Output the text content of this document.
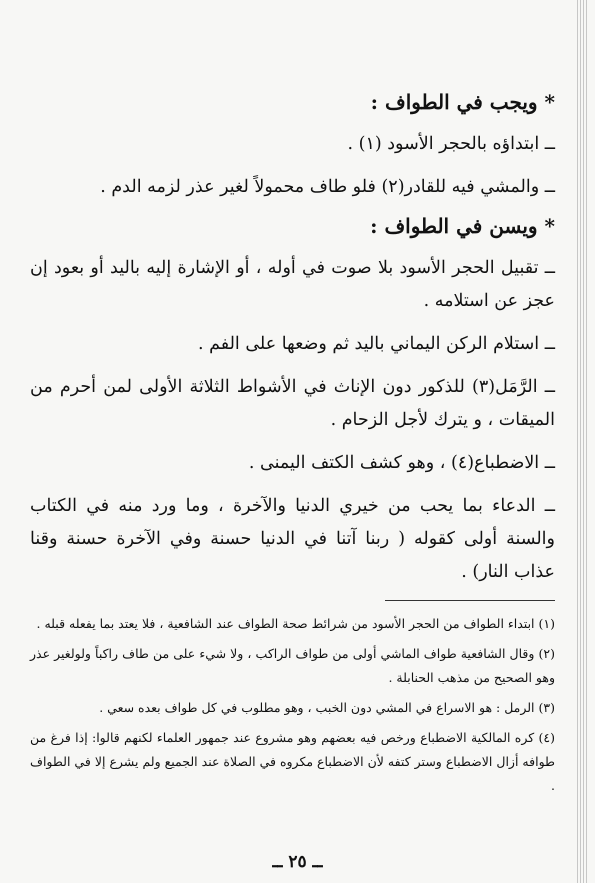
* ويجب في الطواف :

ــ ابتداؤه بالحجر الأسود (١) .

ــ والمشي فيه للقادر(٢) فلو طاف محمولاً لغير عذر لزمه الدم .

* ويسن في الطواف :

ــ تقبيل الحجر الأسود بلا صوت في أوله ، أو الإشارة إليه باليد أو بعود إن عجز عن استلامه .

ــ استلام الركن اليماني باليد ثم وضعها على الفم .

ــ الرَّمَل(٣) للذكور دون الإناث في الأشواط الثلاثة الأولى لمن أحرم من الميقات ، و يترك لأجل الزحام .

ــ الاضطباع(٤) ، وهو كشف الكتف اليمنى .

ــ الدعاء بما يحب من خيري الدنيا والآخرة ، وما ورد منه في الكتاب والسنة أولى كقوله ( ربنا آتنا في الدنيا حسنة وفي الآخرة حسنة وقنا عذاب النار) .

(١) ابتداء الطواف من الحجر الأسود من شرائط صحة الطواف عند الشافعية ، فلا يعتد بما يفعله قبله .

(٢) وقال الشافعية طواف الماشي أولى من طواف الراكب ، ولا شيء على من طاف راكباً ولولغير عذر وهو الصحيح من مذهب الحنابلة .

(٣) الرمل : هو الاسراع في المشي دون الخبب ، وهو مطلوب في كل طواف بعده سعي .

(٤) كره المالكية الاضطباع ورخص فيه بعضهم وهو مشروع عند جمهور العلماء لكنهم قالوا: إذا فرغ من طوافه أزال الاضطباع وستر كتفه لأن الاضطباع مكروه في الصلاة عند الجميع ولم يشرع إلا في الطواف .

ــ ٢٥ ــ
